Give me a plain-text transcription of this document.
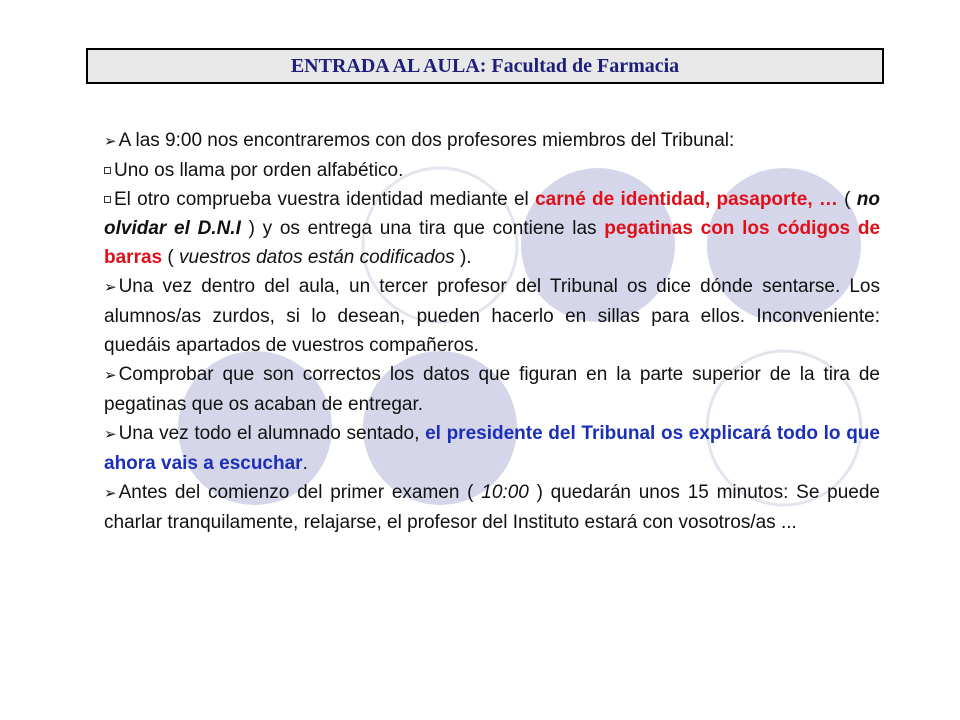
ENTRADA AL AULA: Facultad de Farmacia

➢ A las 9:00 nos encontraremos con dos profesores miembros del Tribunal:

Uno os llama por orden alfabético.

El otro comprueba vuestra identidad mediante el carné de identidad, pasaporte, … ( no olvidar el D.N.I ) y os entrega una tira que contiene las pegatinas con los códigos de barras ( vuestros datos están codificados ).

➢ Una vez dentro del aula, un tercer profesor del Tribunal os dice dónde sentarse. Los alumnos/as zurdos, si lo desean, pueden hacerlo en sillas para ellos. Inconveniente: quedáis apartados de vuestros compañeros.

➢ Comprobar que son correctos los datos que figuran en la parte superior de la tira de pegatinas que os acaban de entregar.

➢ Una vez todo el alumnado sentado, el presidente del Tribunal os explicará todo lo que ahora vais a escuchar.

➢ Antes del comienzo del primer examen ( 10:00 ) quedarán unos 15 minutos: Se puede charlar tranquilamente, relajarse, el profesor del Instituto estará con vosotros/as ...
